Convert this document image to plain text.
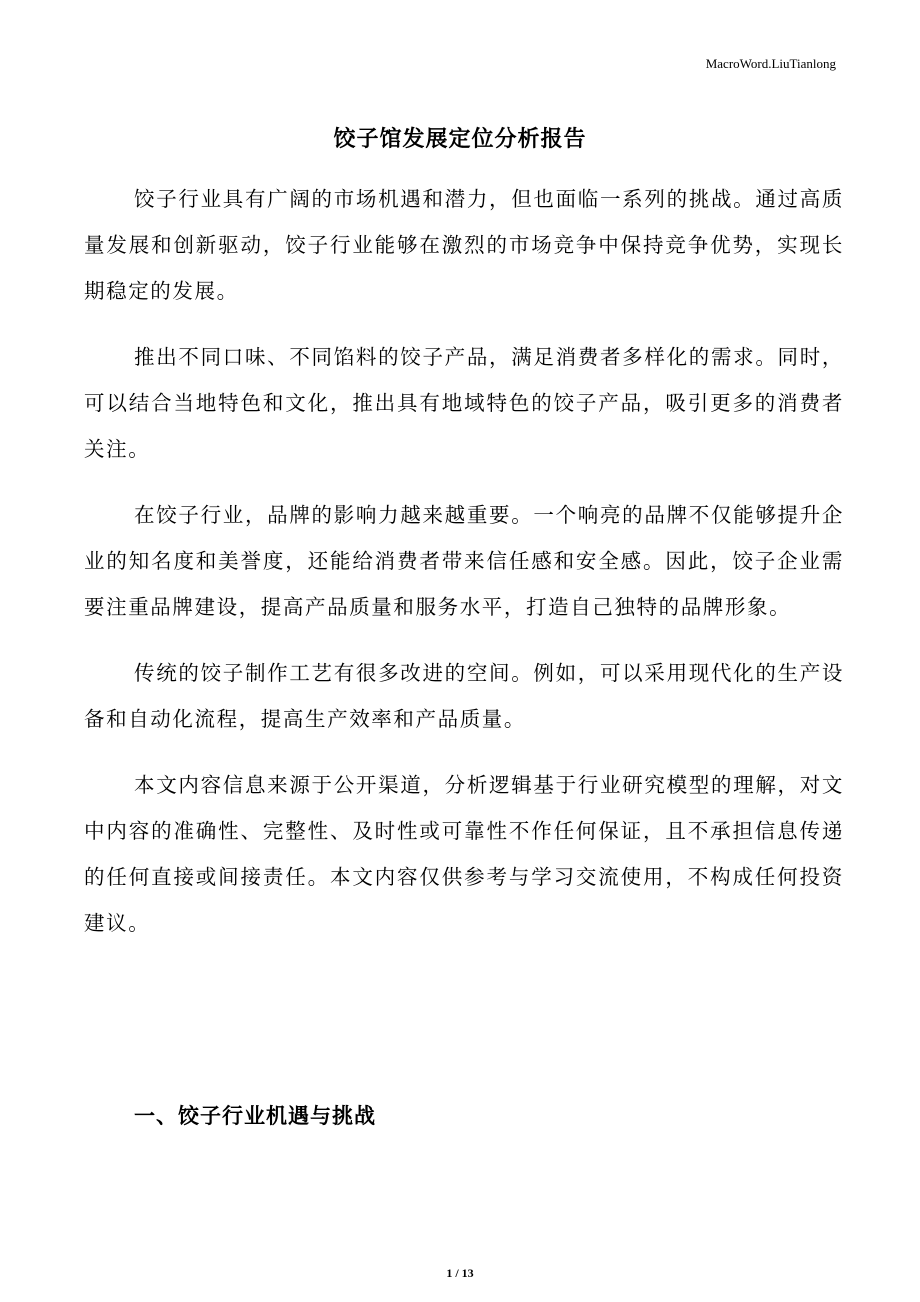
MacroWord.LiuTianlong
饺子馆发展定位分析报告

饺子行业具有广阔的市场机遇和潜力，但也面临一系列的挑战。通过高质量发展和创新驱动，饺子行业能够在激烈的市场竞争中保持竞争优势，实现长期稳定的发展。

推出不同口味、不同馅料的饺子产品，满足消费者多样化的需求。同时，可以结合当地特色和文化，推出具有地域特色的饺子产品，吸引更多的消费者关注。

在饺子行业，品牌的影响力越来越重要。一个响亮的品牌不仅能够提升企业的知名度和美誉度，还能给消费者带来信任感和安全感。因此，饺子企业需要注重品牌建设，提高产品质量和服务水平，打造自己独特的品牌形象。

传统的饺子制作工艺有很多改进的空间。例如，可以采用现代化的生产设备和自动化流程，提高生产效率和产品质量。

本文内容信息来源于公开渠道，分析逻辑基于行业研究模型的理解，对文中内容的准确性、完整性、及时性或可靠性不作任何保证，且不承担信息传递的任何直接或间接责任。本文内容仅供参考与学习交流使用，不构成任何投资建议。

一、饺子行业机遇与挑战
1 / 13
